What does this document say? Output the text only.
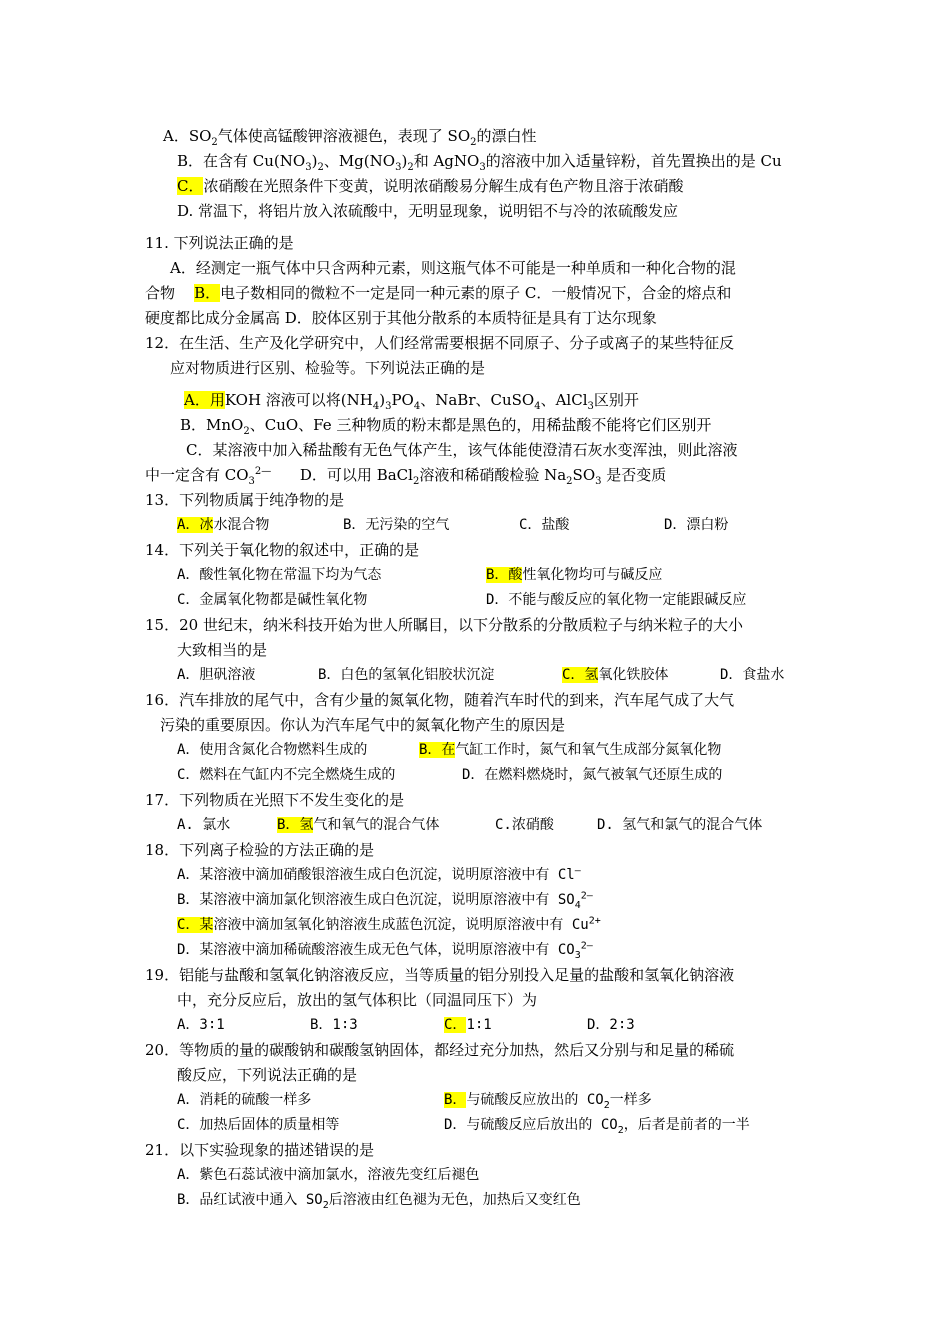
A．$SO_2$气体使高锰酸钾溶液褪色，表现了 $SO_2$的漂白性
B．在含有 $Cu(NO_3)_2$、$Mg(NO_3)_2$和 AgNO$_3$的溶液中加入适量锌粉，首先置换出的是 Cu
C．浓硝酸在光照条件下变黄，说明浓硝酸易分解生成有色产物且溶于浓硝酸
D. 常温下，将铝片放入浓硫酸中，无明显现象，说明铝不与冷的浓硫酸发应
11. 下列说法正确的是
A．经测定一瓶气体中只含两种元素，则这瓶气体不可能是一种单质和一种化合物的混
合物 B．电子数相同的微粒不一定是同一种元素的原子 C．一般情况下，合金的熔点和
硬度都比成分金属高 D．胶体区别于其他分散系的本质特征是具有丁达尔现象
12．在生活、生产及化学研究中，人们经常需要根据不同原子、分子或离子的某些特征反
应对物质进行区别、检验等。下列说法正确的是
A．用KOH 溶液可以将$(NH_4)_3PO_4$、NaBr、CuSO$_4$、AlCl$_3$区别开
B．MnO$_2$、CuO、Fe 三种物质的粉末都是黑色的，用稀盐酸不能将它们区别开
C．某溶液中加入稀盐酸有无色气体产生，该气体能使澄清石灰水变浑浊，则此溶液
中一定含有 $CO_3^{2—}$      D．可以用 BaCl$_2$溶液和稀硝酸检验 $Na_2SO_3$ 是否变质
13．下列物质属于纯净物的是
A．冰水混合物	B．无污染的空气	C．盐酸	D．漂白粉
14．下列关于氧化物的叙述中，正确的是
A．酸性氧化物在常温下均为气态	B．酸性氧化物均可与碱反应
C．金属氧化物都是碱性氧化物	D．不能与酸反应的氧化物一定能跟碱反应
15．20 世纪末，纳米科技开始为世人所瞩目，以下分散系的分散质粒子与纳米粒子的大小
大致相当的是
A．胆矾溶液	B．白色的氢氧化铝胶状沉淀	C．氢氧化铁胶体	D．食盐水
16．汽车排放的尾气中，含有少量的氮氧化物，随着汽车时代的到来，汽车尾气成了大气
污染的重要原因。你认为汽车尾气中的氮氧化物产生的原因是
A．使用含氮化合物燃料生成的	B．在气缸工作时，氮气和氧气生成部分氮氧化物
C．燃料在气缸内不完全燃烧生成的	D．在燃料燃烧时，氮气被氧气还原生成的
17．下列物质在光照下不发生变化的是
A. 氯水	B．氢气和氧气的混合气体	C.浓硝酸	D. 氢气和氯气的混合气体
18．下列离子检验的方法正确的是
A．某溶液中滴加硝酸银溶液生成白色沉淀，说明原溶液中有 Cl—
B．某溶液中滴加氯化钡溶液生成白色沉淀，说明原溶液中有 $SO_4^{2—}$
C．某溶液中滴加氢氧化钠溶液生成蓝色沉淀，说明原溶液中有 $Cu^{2+}$
D．某溶液中滴加稀硫酸溶液生成无色气体，说明原溶液中有 $CO_3^{2—}$
19．铝能与盐酸和氢氧化钠溶液反应，当等质量的铝分别投入足量的盐酸和氢氧化钠溶液
中，充分反应后，放出的氢气体积比（同温同压下）为
A．3∶1	B．1∶3	C．1∶1	D．2∶3
20．等物质的量的碳酸钠和碳酸氢钠固体，都经过充分加热，然后又分别与和足量的稀硫
酸反应，下列说法正确的是
A．消耗的硫酸一样多	B．与硫酸反应放出的 $CO_2$一样多
C．加热后固体的质量相等	D．与硫酸反应后放出的 $CO_2$，后者是前者的一半
21．以下实验现象的描述错误的是
A．紫色石蕊试液中滴加氯水，溶液先变红后褪色
B．品红试液中通入 $SO_2$后溶液由红色褪为无色，加热后又变红色
